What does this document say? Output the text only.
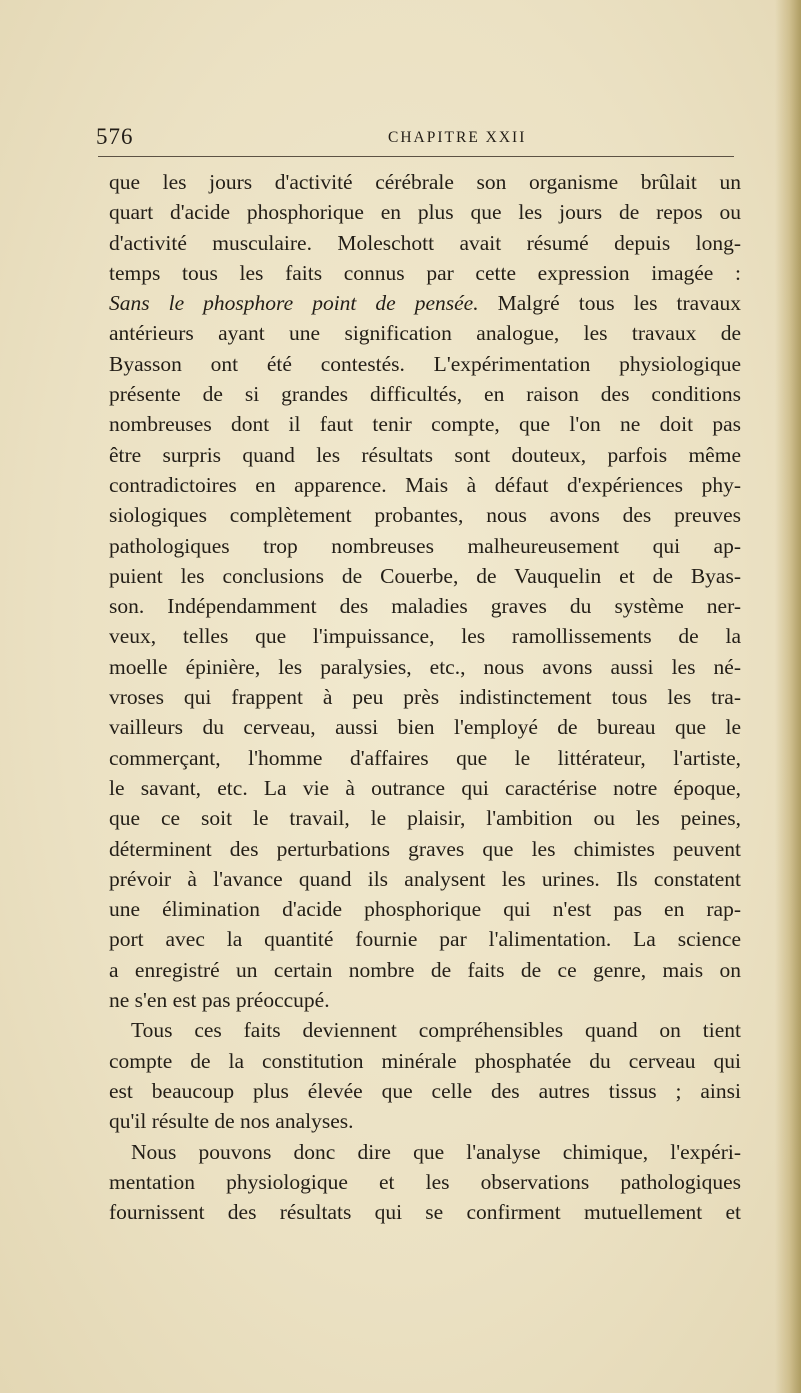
576	CHAPITRE XXII
que les jours d'activité cérébrale son organisme brûlait un
quart d'acide phosphorique en plus que les jours de repos ou
d'activité musculaire. Moleschott avait résumé depuis long-
temps tous les faits connus par cette expression imagée :
Sans le phosphore point de pensée. Malgré tous les travaux
antérieurs ayant une signification analogue, les travaux de
Byasson ont été contestés. L'expérimentation physiologique
présente de si grandes difficultés, en raison des conditions
nombreuses dont il faut tenir compte, que l'on ne doit pas
être surpris quand les résultats sont douteux, parfois même
contradictoires en apparence. Mais à défaut d'expériences phy-
siologiques complètement probantes, nous avons des preuves
pathologiques trop nombreuses malheureusement qui ap-
puient les conclusions de Couerbe, de Vauquelin et de Byas-
son. Indépendamment des maladies graves du système ner-
veux, telles que l'impuissance, les ramollissements de la
moelle épinière, les paralysies, etc., nous avons aussi les né-
vroses qui frappent à peu près indistinctement tous les tra-
vailleurs du cerveau, aussi bien l'employé de bureau que le
commerçant, l'homme d'affaires que le littérateur, l'artiste,
le savant, etc. La vie à outrance qui caractérise notre époque,
que ce soit le travail, le plaisir, l'ambition ou les peines,
déterminent des perturbations graves que les chimistes peuvent
prévoir à l'avance quand ils analysent les urines. Ils constatent
une élimination d'acide phosphorique qui n'est pas en rap-
port avec la quantité fournie par l'alimentation. La science
a enregistré un certain nombre de faits de ce genre, mais on
ne s'en est pas préoccupé.
Tous ces faits deviennent compréhensibles quand on tient
compte de la constitution minérale phosphatée du cerveau qui
est beaucoup plus élevée que celle des autres tissus ; ainsi
qu'il résulte de nos analyses.
Nous pouvons donc dire que l'analyse chimique, l'expéri-
mentation physiologique et les observations pathologiques
fournissent des résultats qui se confirment mutuellement et
